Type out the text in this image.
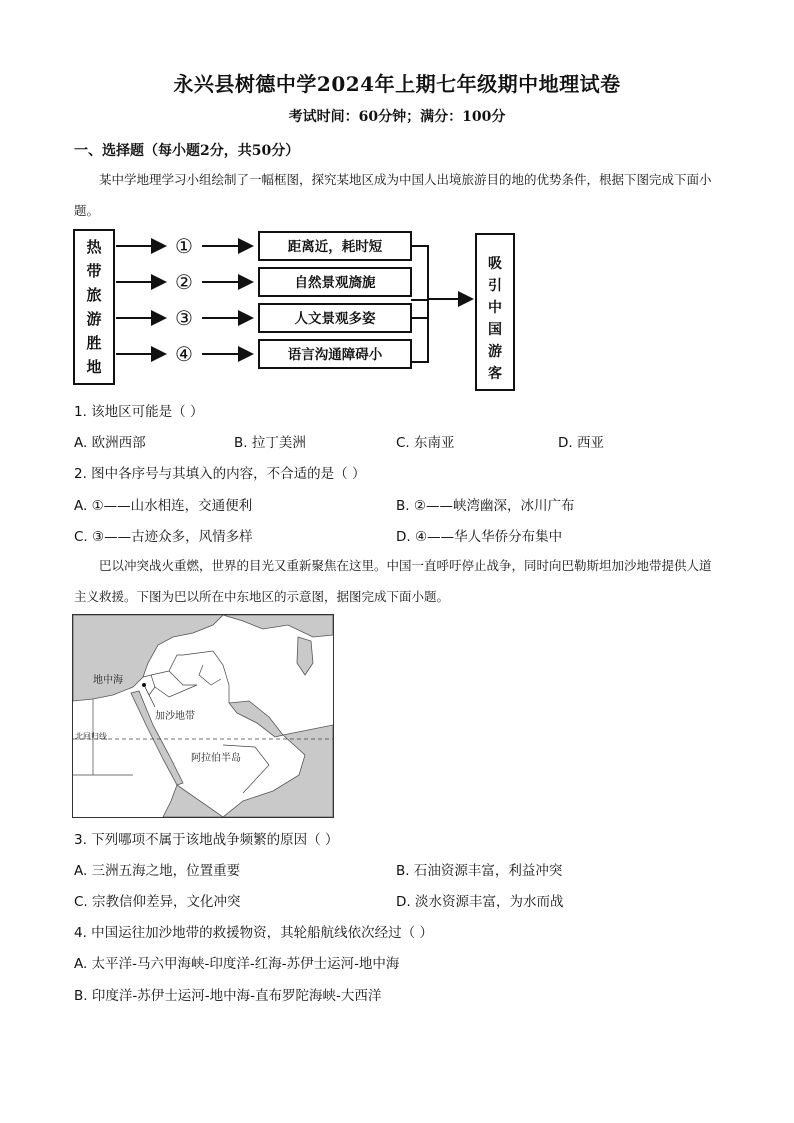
永兴县树德中学2024年上期七年级期中地理试卷
考试时间：60分钟；满分：100分
一、选择题（每小题2分，共50分）
某中学地理学习小组绘制了一幅框图，探究某地区成为中国人出境旅游目的地的优势条件，根据下图完成下面小题。
热
带
旅
游
胜
地
①
②
③
④
距离近，耗时短
自然景观旖旎
人文景观多姿
语言沟通障碍小
吸
引
中
国
游
客
1. 该地区可能是（ ）
A. 欧洲西部	B. 拉丁美洲	C. 东南亚	D. 西亚
2. 图中各序号与其填入的内容，不合适的是（ ）
A. ①——山水相连，交通便利	B. ②——峡湾幽深，冰川广布
C. ③——古迹众多，风情多样	D. ④——华人华侨分布集中
巴以冲突战火重燃，世界的目光又重新聚焦在这里。中国一直呼吁停止战争，同时向巴勒斯坦加沙地带提供人道主义救援。下图为巴以所在中东地区的示意图，据图完成下面小题。
地中海
加沙地带
北回归线
阿拉伯半岛
3. 下列哪项不属于该地战争频繁的原因（ ）
A. 三洲五海之地，位置重要	B. 石油资源丰富，利益冲突
C. 宗教信仰差异，文化冲突	D. 淡水资源丰富，为水而战
4. 中国运往加沙地带的救援物资，其轮船航线依次经过（ ）
A. 太平洋-马六甲海峡-印度洋-红海-苏伊士运河-地中海
B. 印度洋-苏伊士运河-地中海-直布罗陀海峡-大西洋
